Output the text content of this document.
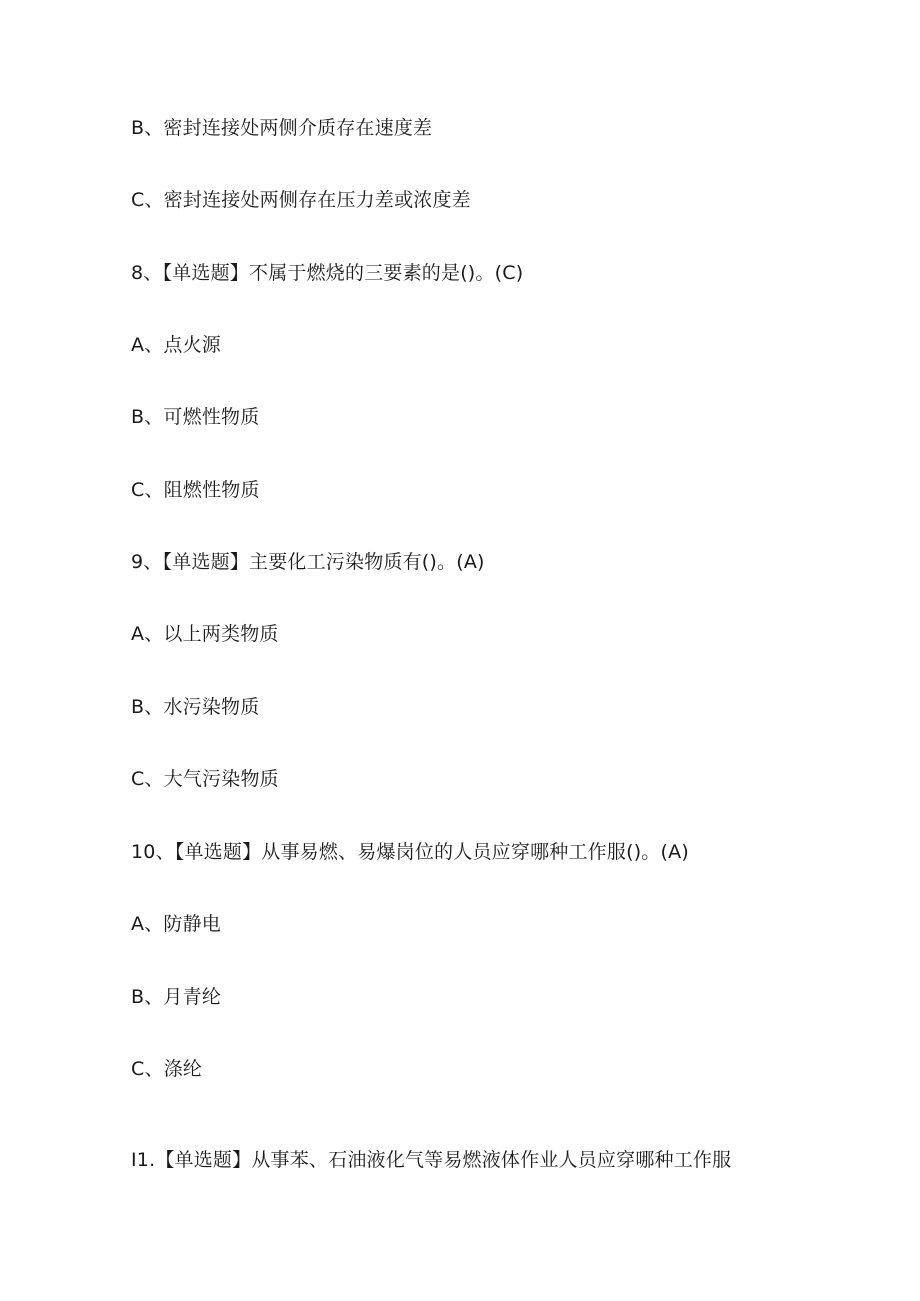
B、密封连接处两侧介质存在速度差
C、密封连接处两侧存在压力差或浓度差
8、【单选题】不属于燃烧的三要素的是()。(C)
A、点火源
B、可燃性物质
C、阻燃性物质
9、【单选题】主要化工污染物质有()。(A)
A、以上两类物质
B、水污染物质
C、大气污染物质
10、【单选题】从事易燃、易爆岗位的人员应穿哪种工作服()。(A)
A、防静电
B、月青纶
C、涤纶
I1.【单选题】从事苯、石油液化气等易燃液体作业人员应穿哪种工作服
